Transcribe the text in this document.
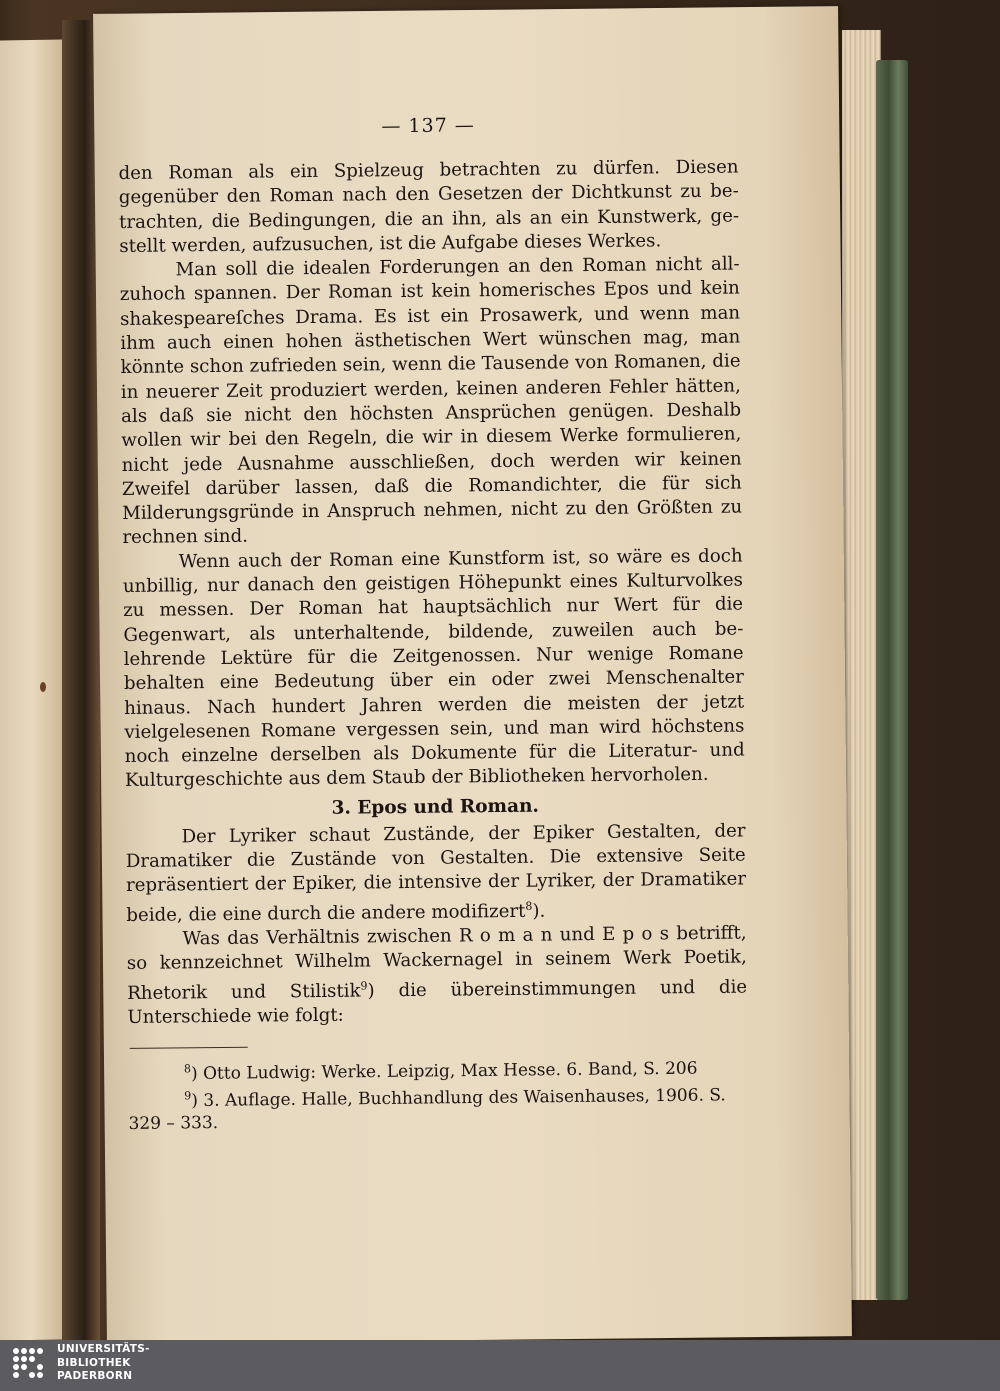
— 137 —

den Roman als ein Spielzeug betrachten zu dürfen. Diesen gegenüber den Roman nach den Gesetzen der Dichtkunst zu betrachten, die Bedingungen, die an ihn, als an ein Kunstwerk, gestellt werden, aufzusuchen, ist die Aufgabe dieses Werkes.

Man soll die idealen Forderungen an den Roman nicht allzuhoch spannen. Der Roman ist kein homerisches Epos und kein shakespeareſches Drama. Es ist ein Prosawerk, und wenn man ihm auch einen hohen ästhetischen Wert wünschen mag, man könnte schon zufrieden sein, wenn die Tausende von Romanen, die in neuerer Zeit produziert werden, keinen anderen Fehler hätten, als daß sie nicht den höchsten Ansprüchen genügen. Deshalb wollen wir bei den Regeln, die wir in diesem Werke formulieren, nicht jede Ausnahme ausschließen, doch werden wir keinen Zweifel darüber lassen, daß die Romandichter, die für sich Milderungsgründe in Anspruch nehmen, nicht zu den Größten zu rechnen sind.

Wenn auch der Roman eine Kunstform ist, so wäre es doch unbillig, nur danach den geistigen Höhepunkt eines Kulturvolkes zu messen. Der Roman hat hauptsächlich nur Wert für die Gegenwart, als unterhaltende, bildende, zuweilen auch belehrende Lektüre für die Zeitgenossen. Nur wenige Romane behalten eine Bedeutung über ein oder zwei Menschenalter hinaus. Nach hundert Jahren werden die meisten der jetzt vielgelesenen Romane vergessen sein, und man wird höchstens noch einzelne derselben als Dokumente für die Literatur- und Kulturgeschichte aus dem Staub der Bibliotheken hervorholen.

3. Epos und Roman.

Der Lyriker schaut Zustände, der Epiker Gestalten, der Dramatiker die Zustände von Gestalten. Die extensive Seite repräsentiert der Epiker, die intensive der Lyriker, der Dramatiker beide, die eine durch die andere modifizert$^8$).

Was das Verhältnis zwischen R o m a n und E p o s betrifft, so kennzeichnet Wilhelm Wackernagel in seinem Werk Poetik, Rhetorik und Stilistik$^9$) die übereinstimmungen und die Unterschiede wie folgt:

$^8$) Otto Ludwig: Werke. Leipzig, Max Hesse. 6. Band, S. 206

$^9$) 3. Auflage. Halle, Buchhandlung des Waisenhauses, 1906. S. 329 – 333.

UNIVERSITÄTS-
BIBLIOTHEK
PADERBORN
